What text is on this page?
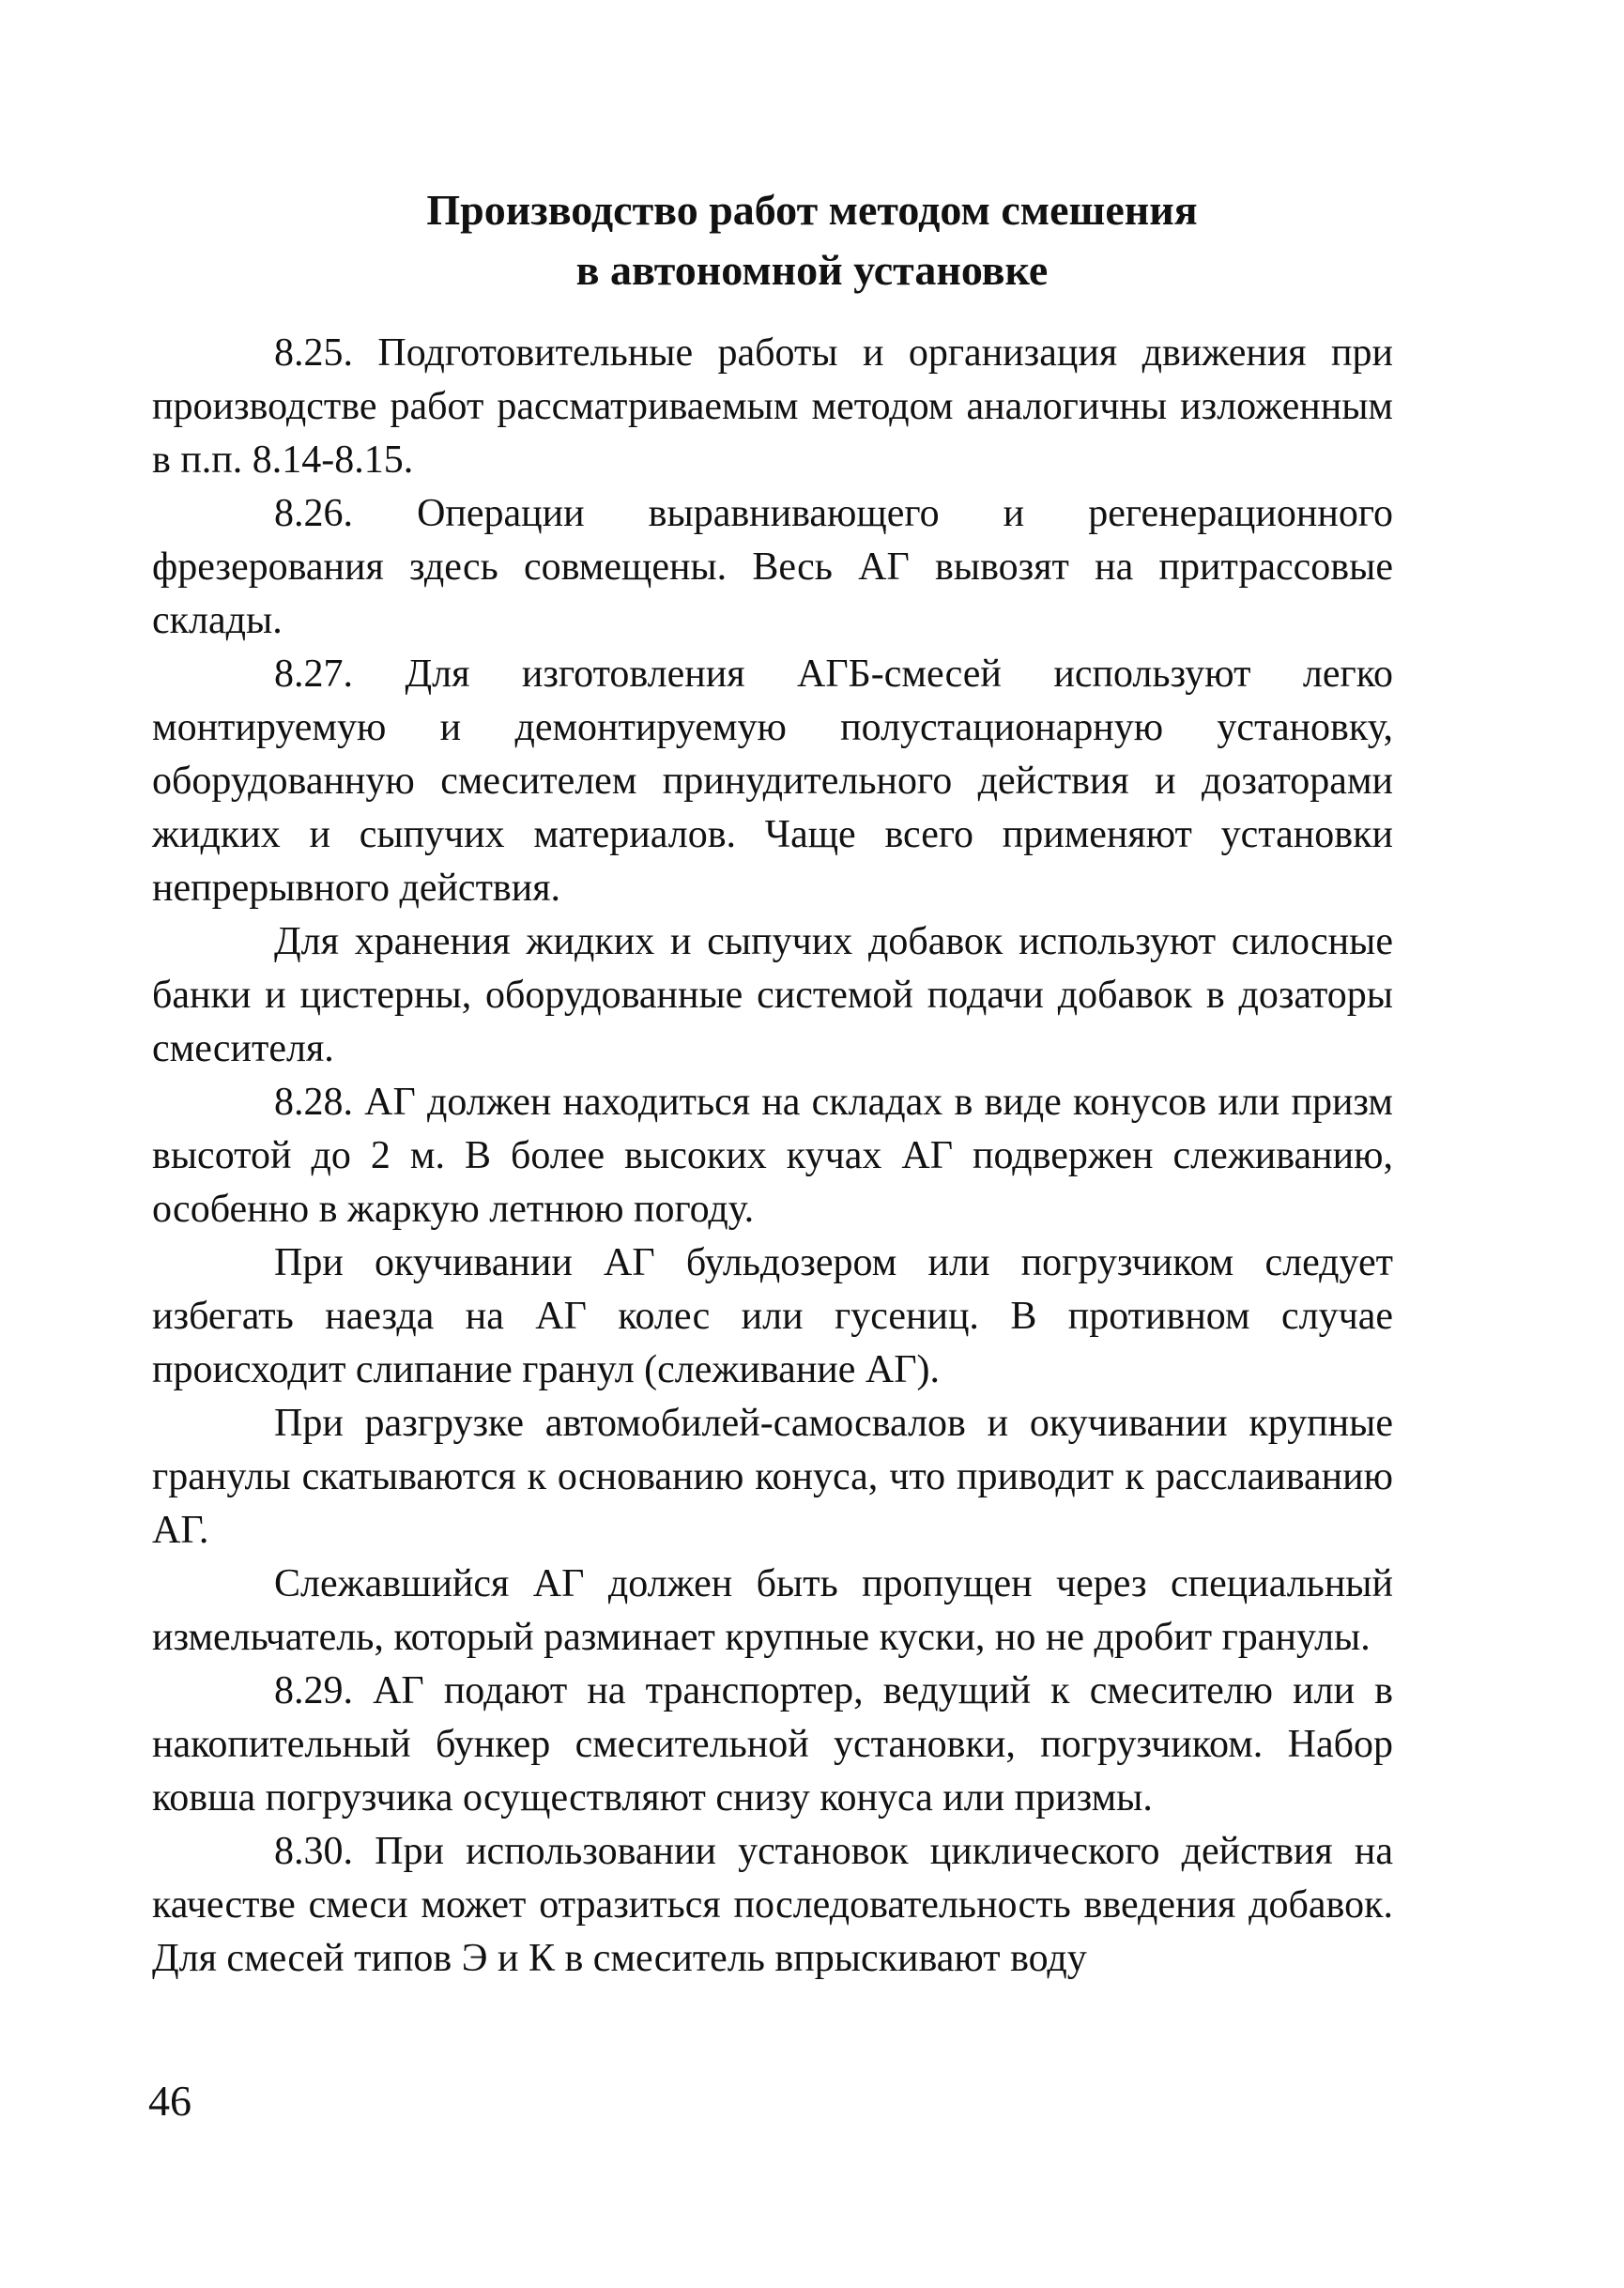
Производство работ методом смешения
в автономной установке

8.25. Подготовительные работы и организация движения при производстве работ рассматриваемым методом аналогичны изложенным в п.п. 8.14-8.15.

8.26. Операции выравнивающего и регенерационного фрезерования здесь совмещены. Весь АГ вывозят на притрассовые склады.

8.27. Для изготовления АГБ-смесей используют легко монтируемую и демонтируемую полустационарную установку, оборудованную смесителем принудительного действия и дозаторами жидких и сыпучих материалов. Чаще всего применяют установки непрерывного действия.

Для хранения жидких и сыпучих добавок используют силосные банки и цистерны, оборудованные системой подачи добавок в дозаторы смесителя.

8.28. АГ должен находиться на складах в виде конусов или призм высотой до 2 м. В более высоких кучах АГ подвержен слеживанию, особенно в жаркую летнюю погоду.

При окучивании АГ бульдозером или погрузчиком следует избегать наезда на АГ колес или гусениц. В противном случае происходит слипание гранул (слеживание АГ).

При разгрузке автомобилей-самосвалов и окучивании крупные гранулы скатываются к основанию конуса, что приводит к расслаиванию АГ.

Слежавшийся АГ должен быть пропущен через специальный измельчатель, который разминает крупные куски, но не дробит гранулы.

8.29. АГ подают на транспортер, ведущий к смесителю или в накопительный бункер смесительной установки, погрузчиком. Набор ковша погрузчика осуществляют снизу конуса или призмы.

8.30. При использовании установок циклического действия на качестве смеси может отразиться последовательность введения добавок. Для смесей типов Э и К в смеситель впрыскивают воду

46
